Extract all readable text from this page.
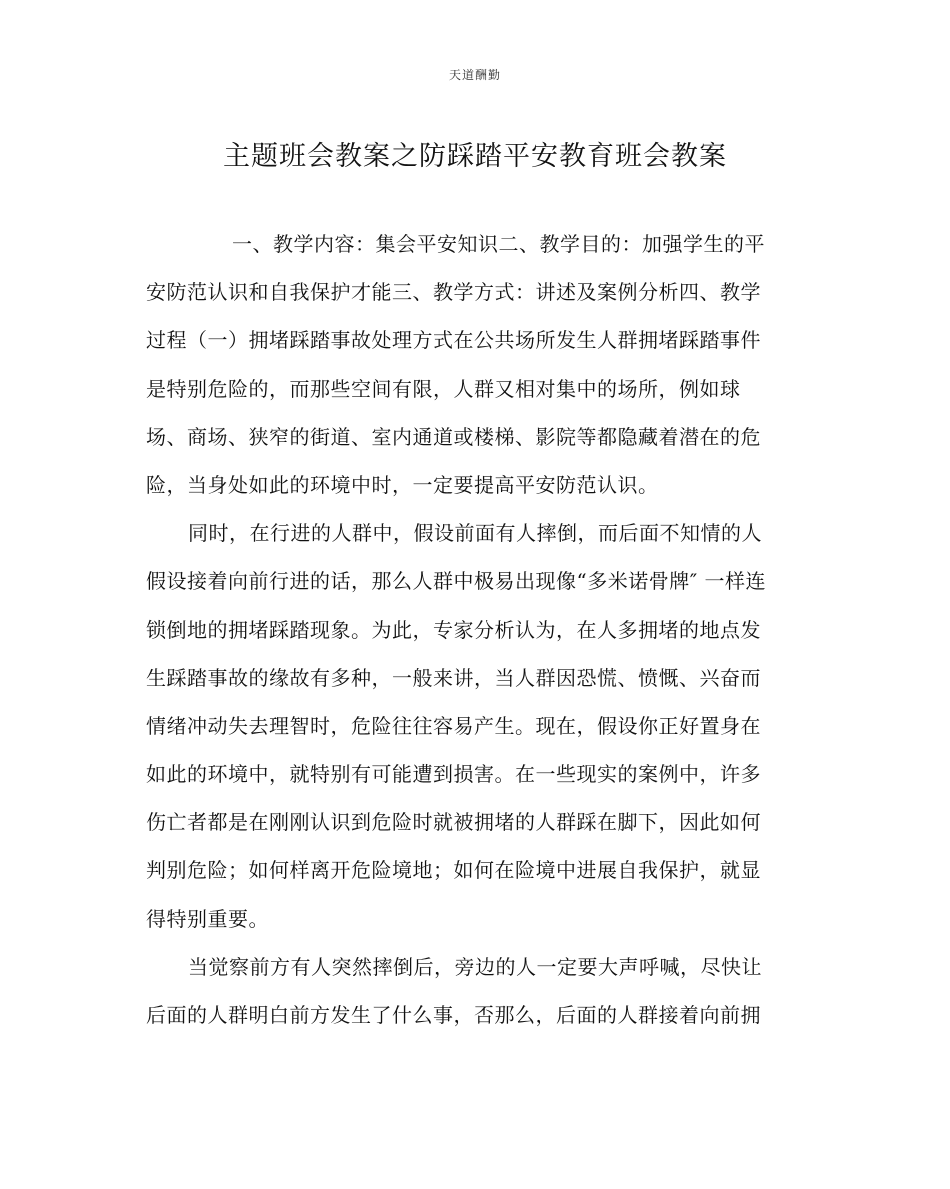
天道酬勤
主题班会教案之防踩踏平安教育班会教案
一、教学内容：集会平安知识二、教学目的：加强学生的平
安防范认识和自我保护才能三、教学方式：讲述及案例分析四、教学
过程（一）拥堵踩踏事故处理方式在公共场所发生人群拥堵踩踏事件
是特别危险的，而那些空间有限，人群又相对集中的场所，例如球
场、商场、狭窄的街道、室内通道或楼梯、影院等都隐藏着潜在的危
险，当身处如此的环境中时，一定要提高平安防范认识。
同时，在行进的人群中，假设前面有人摔倒，而后面不知情的人
假设接着向前行进的话，那么人群中极易出现像“多米诺骨牌″ 一样连
锁倒地的拥堵踩踏现象。为此，专家分析认为，在人多拥堵的地点发
生踩踏事故的缘故有多种，一般来讲，当人群因恐慌、愤慨、兴奋而
情绪冲动失去理智时，危险往往容易产生。现在，假设你正好置身在
如此的环境中，就特别有可能遭到损害。在一些现实的案例中，许多
伤亡者都是在刚刚认识到危险时就被拥堵的人群踩在脚下，因此如何
判别危险；如何样离开危险境地；如何在险境中进展自我保护，就显
得特别重要。
当觉察前方有人突然摔倒后，旁边的人一定要大声呼喊，尽快让
后面的人群明白前方发生了什么事，否那么，后面的人群接着向前拥
